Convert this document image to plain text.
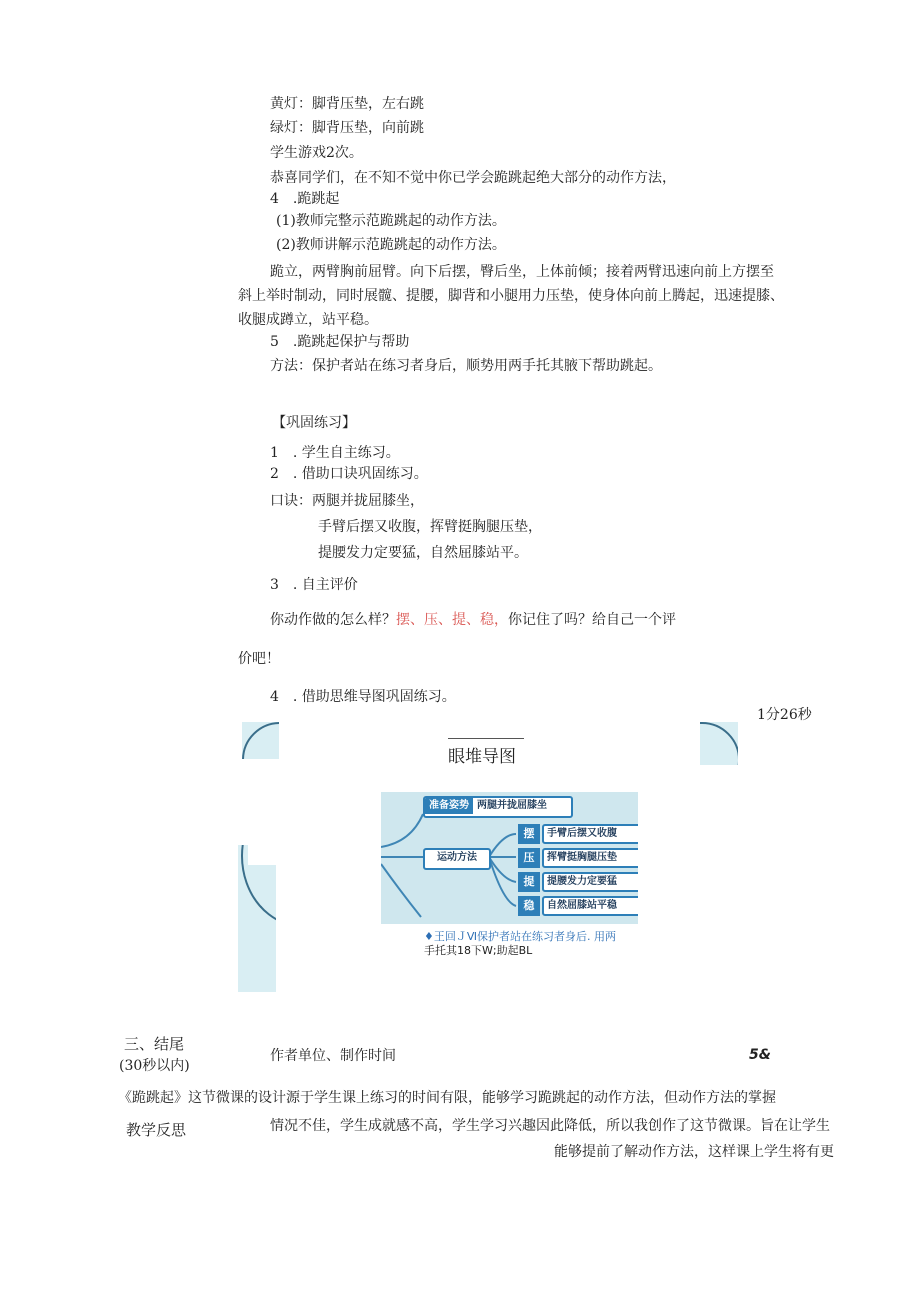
黄灯：脚背压垫，左右跳
绿灯：脚背压垫，向前跳
学生游戏2次。
恭喜同学们，在不知不觉中你已学会跪跳起绝大部分的动作方法，
4　.跪跳起
(1)教师完整示范跪跳起的动作方法。
(2)教师讲解示范跪跳起的动作方法。
跪立，两臂胸前屈臂。向下后摆，臀后坐，上体前倾；接着两臂迅速向前上方摆至
斜上举时制动，同时展髋、提腰，脚背和小腿用力压垫，使身体向前上腾起，迅速提膝、
收腿成蹲立，站平稳。
5　.跪跳起保护与帮助
方法：保护者站在练习者身后，顺势用两手托其腋下帮助跳起。
【巩固练习】
1　. 学生自主练习。
2　. 借助口诀巩固练习。
口诀：两腿并拢屈膝坐，
手臂后摆又收腹，挥臂挺胸腿压垫，
提腰发力定要猛，自然屈膝站平。
3　. 自主评价
你动作做的怎么样？摆、压、提、稳，你记住了吗？给自己一个评
价吧！
4　. 借助思维导图巩固练习。
1分26秒
眼堆导图
准备姿势 两腿并拢屈膝坐
运动方法
摆	手臂后摆又收腹
压	挥臂挺胸腿压垫
提	提腰发力定要猛
稳	自然屈膝站平稳
♦王回ＪⅥ保护者站在练习者身后. 用两
手托其18下W;助起BL
三、结尾
(30秒以内)
作者单位、制作时间	5&
《跪跳起》这节微课的设计源于学生课上练习的时间有限，能够学习跪跳起的动作方法，但动作方法的掌握
教学反思	情况不佳，学生成就感不高，学生学习兴趣因此降低，所以我创作了这节微课。旨在让学生
能够提前了解动作方法，这样课上学生将有更
